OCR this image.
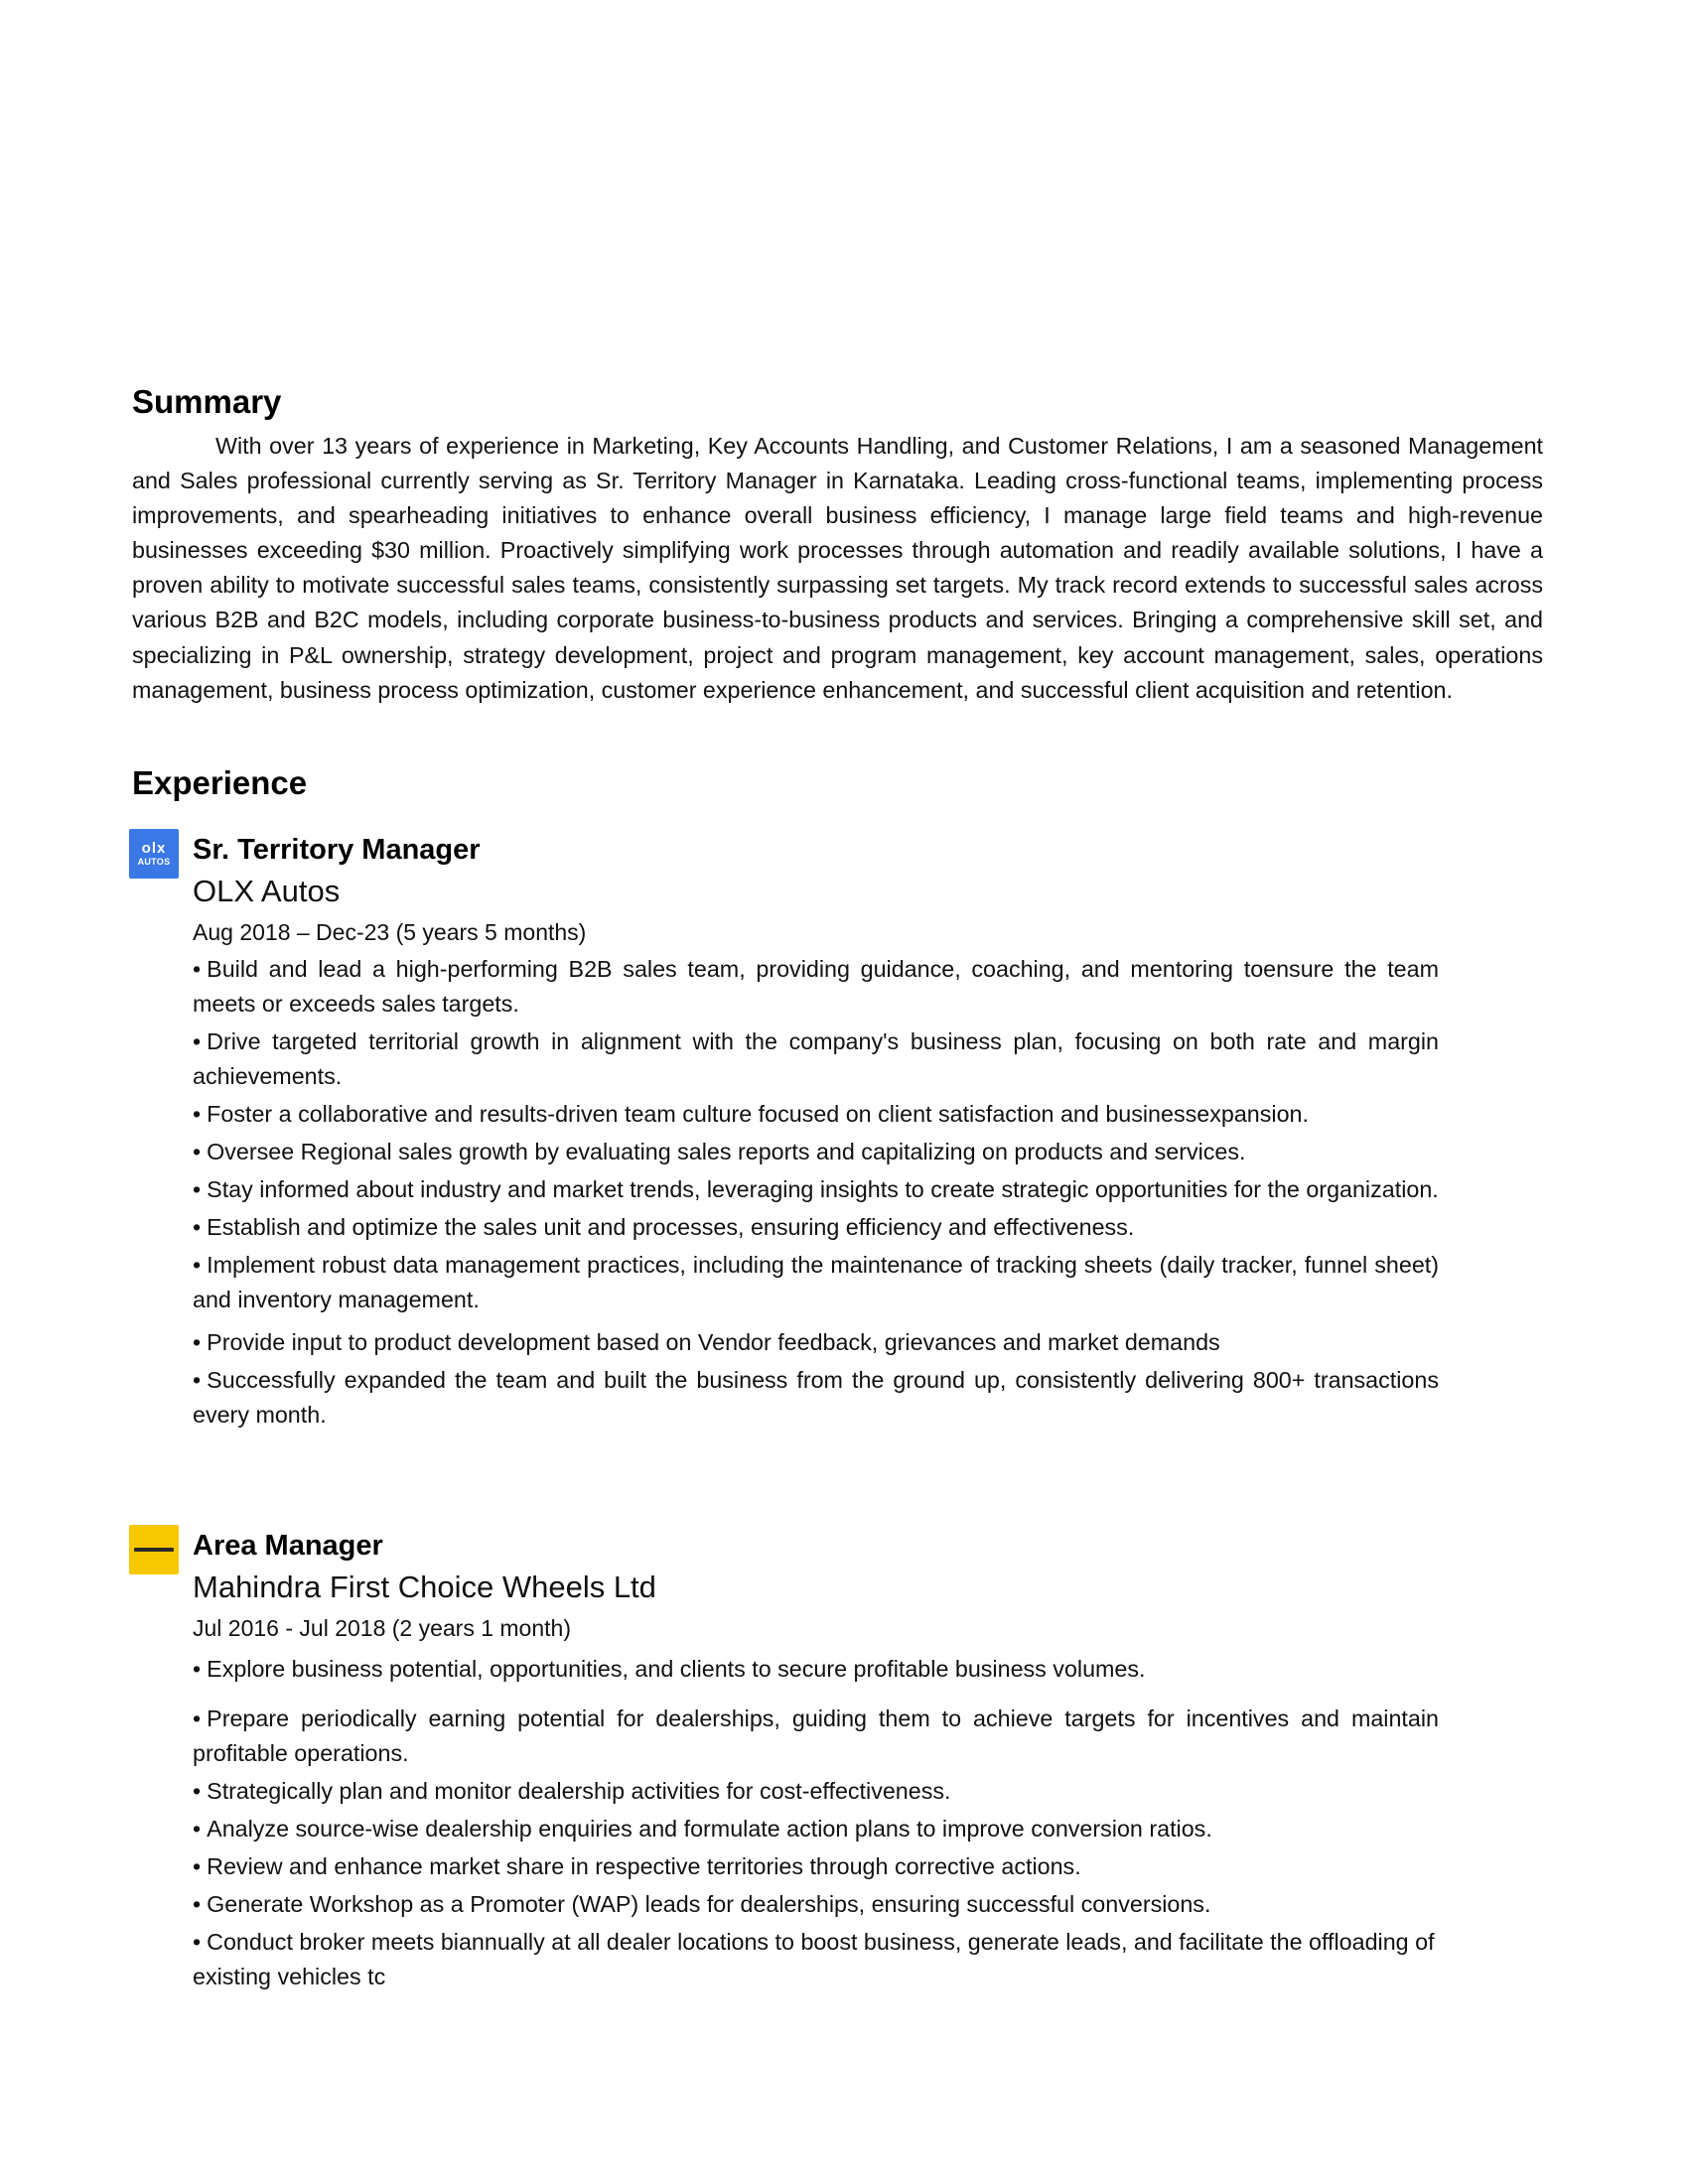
Summary

With over 13 years of experience in Marketing, Key Accounts Handling, and Customer Relations, I am a seasoned Management and Sales professional currently serving as Sr. Territory Manager in Karnataka. Leading cross-functional teams, implementing process improvements, and spearheading initiatives to enhance overall business efficiency, I manage large field teams and high-revenue businesses exceeding $30 million. Proactively simplifying work processes through automation and readily available solutions, I have a proven ability to motivate successful sales teams, consistently surpassing set targets. My track record extends to successful sales across various B2B and B2C models, including corporate business-to-business products and services. Bringing a comprehensive skill set, and specializing in P&L ownership, strategy development, project and program management, key account management, sales, operations management, business process optimization, customer experience enhancement, and successful client acquisition and retention.

Experience
olx
AUTOS Sr. Territory Manager
OLX Autos
Aug 2018 – Dec-23 (5 years 5 months)
• Build and lead a high-performing B2B sales team, providing guidance, coaching, and mentoring toensure the team meets or exceeds sales targets.
• Drive targeted territorial growth in alignment with the company's business plan, focusing on both rate and margin achievements.
• Foster a collaborative and results-driven team culture focused on client satisfaction and businessexpansion.
• Oversee Regional sales growth by evaluating sales reports and capitalizing on products and services.
• Stay informed about industry and market trends, leveraging insights to create strategic opportunities for the organization.
• Establish and optimize the sales unit and processes, ensuring efficiency and effectiveness.
• Implement robust data management practices, including the maintenance of tracking sheets (daily tracker, funnel sheet) and inventory management.
• Provide input to product development based on Vendor feedback, grievances and market demands
• Successfully expanded the team and built the business from the ground up, consistently delivering 800+ transactions every month.
Area Manager
Mahindra First Choice Wheels Ltd
Jul 2016 - Jul 2018 (2 years 1 month)
• Explore business potential, opportunities, and clients to secure profitable business volumes.
• Prepare periodically earning potential for dealerships, guiding them to achieve targets for incentives and maintain profitable operations.
• Strategically plan and monitor dealership activities for cost-effectiveness.
• Analyze source-wise dealership enquiries and formulate action plans to improve conversion ratios.
• Review and enhance market share in respective territories through corrective actions.
• Generate Workshop as a Promoter (WAP) leads for dealerships, ensuring successful conversions.
• Conduct broker meets biannually at all dealer locations to boost business, generate leads, and facilitate the offloading of existing vehicles tc
